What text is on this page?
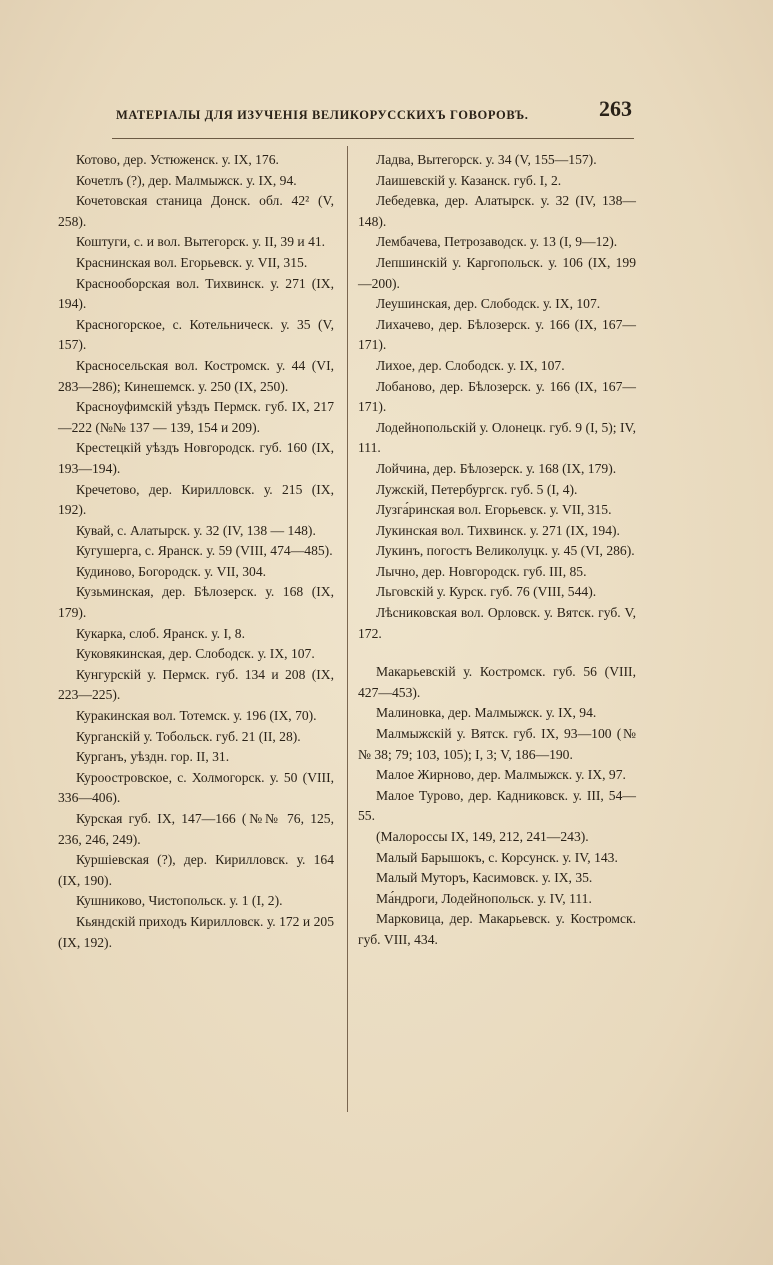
МАТЕРІАЛЫ ДЛЯ ИЗУЧЕНІЯ ВЕЛИКОРУССКИХЪ ГОВОРОВЪ.	263

Котово, дер. Устюженск. у. IX, 176.

Кочетлъ (?), дер. Малмыжск. у. IX, 94.

Кочетовская станица Донск. обл. 42² (V, 258).

Коштуги, с. и вол. Вытегорск. у. II, 39 и 41.

Краснинская вол. Егорьевск. у. VII, 315.

Краснооборская вол. Тихвинск. у. 271 (IX, 194).

Красногорское, с. Котельническ. у. 35 (V, 157).

Красносельская вол. Костромск. у. 44 (VI, 283—286); Кинешемск. у. 250 (IX, 250).

Красноуфимскій уѣздъ Пермск. губ. IX, 217—222 (№№ 137 — 139, 154 и 209).

Крестецкій уѣздъ Новгородск. губ. 160 (IX, 193—194).

Кречетово, дер. Кирилловск. у. 215 (IX, 192).

Кувай, с. Алатырск. у. 32 (IV, 138 — 148).

Кугушерга, с. Яранск. у. 59 (VIII, 474—485).

Кудиново, Богородск. у. VII, 304.

Кузьминская, дер. Бѣлозерск. у. 168 (IX, 179).

Кукарка, слоб. Яранск. у. I, 8.

Куковякинская, дер. Слободск. у. IX, 107.

Кунгурскій у. Пермск. губ. 134 и 208 (IX, 223—225).

Куракинская вол. Тотемск. у. 196 (IX, 70).

Курганскій у. Тобольск. губ. 21 (II, 28).

Курганъ, уѣздн. гор. II, 31.

Куроостровское, с. Холмогорск. у. 50 (VIII, 336—406).

Курская губ. IX, 147—166 (№№ 76, 125, 236, 246, 249).

Куршіевская (?), дер. Кирилловск. у. 164 (IX, 190).

Кушниково, Чистопольск. у. 1 (I, 2).

Кьяндскій приходъ Кирилловск. у. 172 и 205 (IX, 192).

Ладва, Вытегорск. у. 34 (V, 155—157).

Лаишевскій у. Казанск. губ. I, 2.

Лебедевка, дер. Алатырск. у. 32 (IV, 138—148).

Лембачева, Петрозаводск. у. 13 (I, 9—12).

Лепшинскій у. Каргопольск. у. 106 (IX, 199—200).

Леушинская, дер. Слободск. у. IX, 107.

Лихачево, дер. Бѣлозерск. у. 166 (IX, 167—171).

Лихое, дер. Слободск. у. IX, 107.

Лобаново, дер. Бѣлозерск. у. 166 (IX, 167—171).

Лодейнопольскій у. Олонецк. губ. 9 (I, 5); IV, 111.

Лойчина, дер. Бѣлозерск. у. 168 (IX, 179).

Лужскій, Петербургск. губ. 5 (I, 4).

Лузга́ринская вол. Егорьевск. у. VII, 315.

Лукинская вол. Тихвинск. у. 271 (IX, 194).

Лукинъ, погостъ Великолуцк. у. 45 (VI, 286).

Лычно, дер. Новгородск. губ. III, 85.

Льговскій у. Курск. губ. 76 (VIII, 544).

Лѣсниковская вол. Орловск. у. Вятск. губ. V, 172.

Макарьевскій у. Костромск. губ. 56 (VIII, 427—453).

Малиновка, дер. Малмыжск. у. IX, 94.

Малмыжскій у. Вятск. губ. IX, 93—100 (№№ 38; 79; 103, 105); I, 3; V, 186—190.

Малое Жирново, дер. Малмыжск. у. IX, 97.

Малое Турово, дер. Кадниковск. у. III, 54—55.

(Малороссы IX, 149, 212, 241—243).

Малый Барышокъ, с. Корсунск. у. IV, 143.

Малый Муторъ, Касимовск. у. IX, 35.

Ма́ндроги, Лодейнопольск. у. IV, 111.

Марковица, дер. Макарьевск. у. Костромск. губ. VIII, 434.
